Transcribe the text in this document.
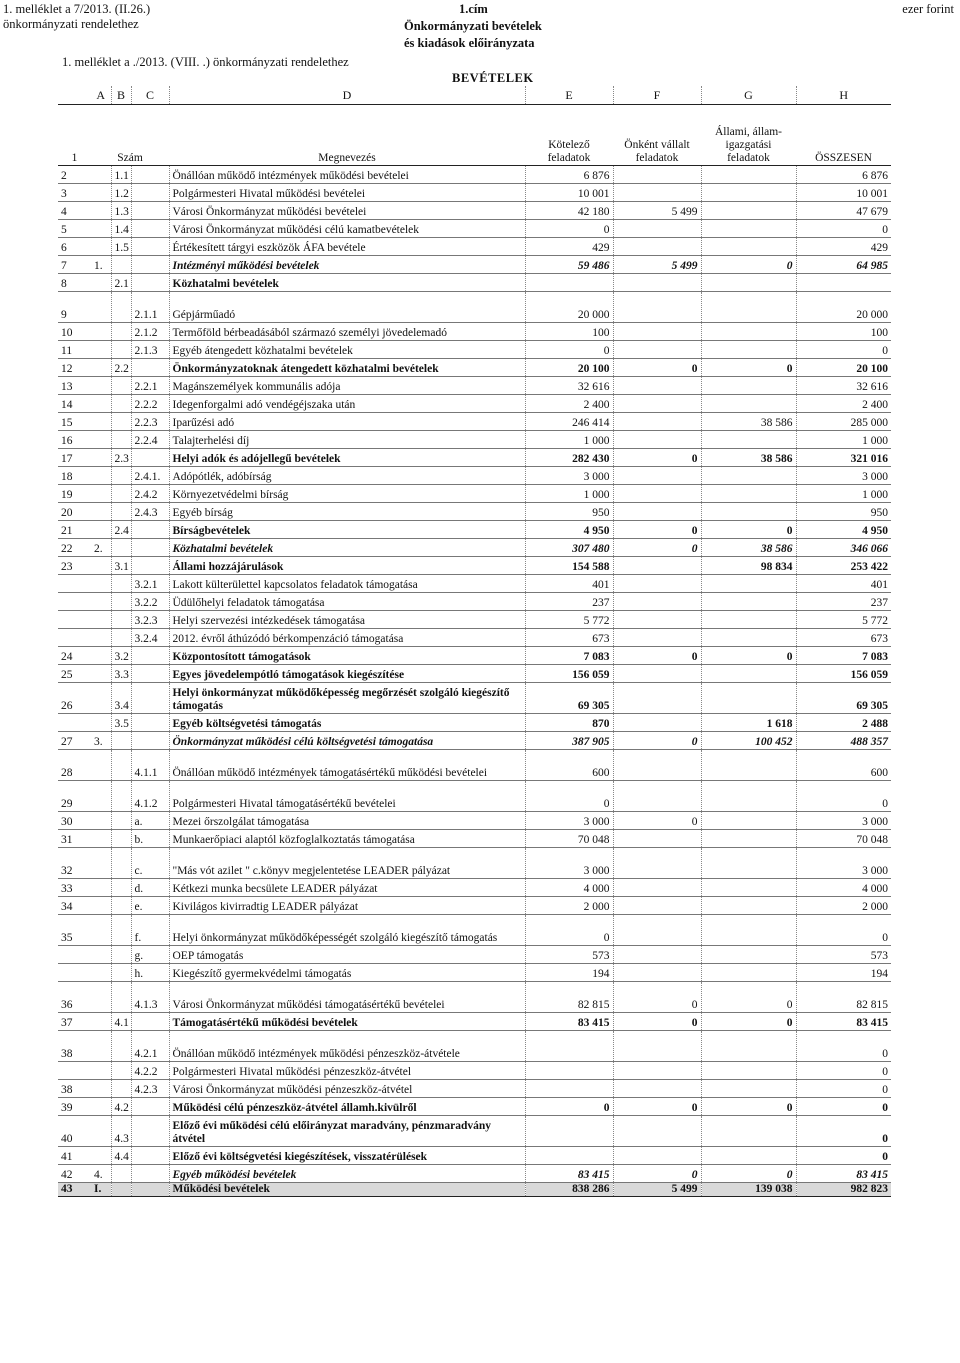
1. melléklet a 7/2013. (II.26.)
önkormányzati rendelethez
1. melléklet a ./2013. (VIII. .) önkormányzati rendelethez
1.cím
Önkormányzati bevételek
és kiadások előirányzata
ezer forint
BEVÉTELEK
	A	B	C	D	E	F	G	H
1	Szám			Megnevezés	Kötelező feladatok	Önként vállalt feladatok	Állami, állam-igazgatási feladatok	ÖSSZESEN
2		1.1		Önállóan működő intézmények működési bevételei	6 876			6 876
3		1.2		Polgármesteri Hivatal működési bevételei	10 001			10 001
4		1.3		Városi Önkormányzat működési bevételei	42 180	5 499		47 679
5		1.4		Városi Önkormányzat működési célú kamatbevételek	0			0
6		1.5		Értékesített tárgyi eszközök ÁFA bevétele	429			429
7	1.			Intézményi működési bevételek	59 486	5 499	0	64 985
8		2.1		Közhatalmi bevételek				
9			2.1.1	Gépjárműadó	20 000			20 000
10			2.1.2	Termőföld bérbeadásából származó személyi jövedelemadó	100			100
11			2.1.3	Egyéb átengedett közhatalmi bevételek	0			0
12		2.2		Önkormányzatoknak átengedett közhatalmi bevételek	20 100	0	0	20 100
13			2.2.1	Magánszemélyek kommunális adója	32 616			32 616
14			2.2.2	Idegenforgalmi adó vendégéjszaka után	2 400			2 400
15			2.2.3	Iparűzési adó	246 414		38 586	285 000
16			2.2.4	Talajterhelési díj	1 000			1 000
17		2.3		Helyi adók és adójellegű bevételek	282 430	0	38 586	321 016
18			2.4.1.	Adópótlék, adóbírság	3 000			3 000
19			2.4.2	Környezetvédelmi bírság	1 000			1 000
20			2.4.3	Egyéb bírság	950			950
21		2.4		Bírságbevételek	4 950	0	0	4 950
22	2.			Közhatalmi bevételek	307 480	0	38 586	346 066
23		3.1		Állami hozzájárulások	154 588		98 834	253 422
			3.2.1	Lakott külterülettel kapcsolatos feladatok támogatása	401			401
			3.2.2	Üdülőhelyi feladatok támogatása	237			237
			3.2.3	Helyi szervezési intézkedések támogatása	5 772			5 772
			3.2.4	2012. évről áthúzódó bérkompenzáció támogatása	673			673
24		3.2		Központosított támogatások	7 083	0	0	7 083
25		3.3		Egyes jövedelempótló támogatások kiegészítése	156 059			156 059
26		3.4		Helyi önkormányzat működőképesség megőrzését szolgáló kiegészítő támogatás	69 305			69 305
		3.5		Egyéb költségvetési támogatás	870		1 618	2 488
27	3.			Önkormányzat működési célú költségvetési támogatása	387 905	0	100 452	488 357
28			4.1.1	Önállóan működő intézmények támogatásértékű működési bevételei	600			600
29			4.1.2	Polgármesteri Hivatal támogatásértékű bevételei	0			0
30			a.	Mezei őrszolgálat támogatása	3 000	0		3 000
31			b.	Munkaerőpiaci alaptól közfoglalkoztatás támogatása	70 048			70 048
32			c.	"Más vót azilet " c.könyv megjelentetése LEADER pályázat	3 000			3 000
33			d.	Kétkezi munka becsülete LEADER pályázat	4 000			4 000
34			e.	Kivilágos kivirradtig LEADER pályázat	2 000			2 000
35			f.	Helyi önkormányzat működőképességét szolgáló kiegészítő támogatás	0			0
			g.	OEP támogatás	573			573
			h.	Kiegészítő gyermekvédelmi támogatás	194			194
36			4.1.3	Városi Önkormányzat működési támogatásértékű bevételei	82 815	0	0	82 815
37		4.1		Támogatásértékű működési bevételek	83 415	0	0	83 415
38			4.2.1	Önállóan működő intézmények működési pénzeszköz-átvétele				0
			4.2.2	Polgármesteri Hivatal működési pénzeszköz-átvétel				0
38			4.2.3	Városi Önkormányzat működési pénzeszköz-átvétel				0
39		4.2		Működési célú pénzeszköz-átvétel államh.kivülről	0	0	0	0
40		4.3		Előző évi működési célú előirányzat maradvány, pénzmaradvány átvétel				0
41		4.4		Előző évi költségvetési kiegészítések, visszatérülések				0
42	4.			Egyéb működési bevételek	83 415	0	0	83 415
43	I.			Működési bevételek	838 286	5 499	139 038	982 823
